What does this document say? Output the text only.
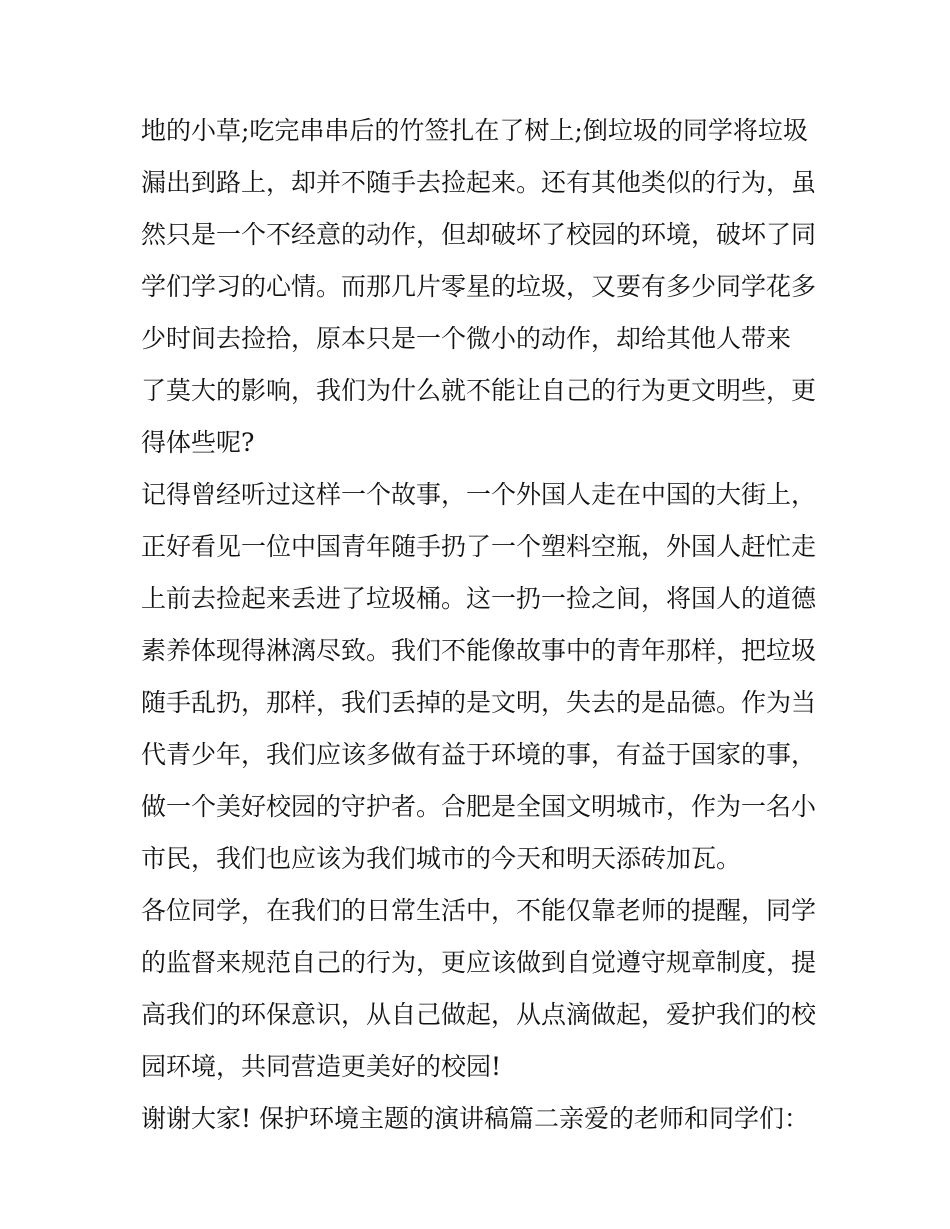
地的小草;吃完串串后的竹签扎在了树上;倒垃圾的同学将垃圾
漏出到路上，却并不随手去捡起来。还有其他类似的行为，虽
然只是一个不经意的动作，但却破坏了校园的环境，破坏了同
学们学习的心情。而那几片零星的垃圾，又要有多少同学花多
少时间去捡拾，原本只是一个微小的动作，却给其他人带来
了莫大的影响，我们为什么就不能让自己的行为更文明些，更
得体些呢?
记得曾经听过这样一个故事，一个外国人走在中国的大街上，
正好看见一位中国青年随手扔了一个塑料空瓶，外国人赶忙走
上前去捡起来丢进了垃圾桶。这一扔一捡之间，将国人的道德
素养体现得淋漓尽致。我们不能像故事中的青年那样，把垃圾
随手乱扔，那样，我们丢掉的是文明，失去的是品德。作为当
代青少年，我们应该多做有益于环境的事，有益于国家的事，
做一个美好校园的守护者。合肥是全国文明城市，作为一名小
市民，我们也应该为我们城市的今天和明天添砖加瓦。
各位同学，在我们的日常生活中，不能仅靠老师的提醒，同学
的监督来规范自己的行为，更应该做到自觉遵守规章制度，提
高我们的环保意识，从自己做起，从点滴做起，爱护我们的校
园环境，共同营造更美好的校园!
谢谢大家! 保护环境主题的演讲稿篇二亲爱的老师和同学们：
